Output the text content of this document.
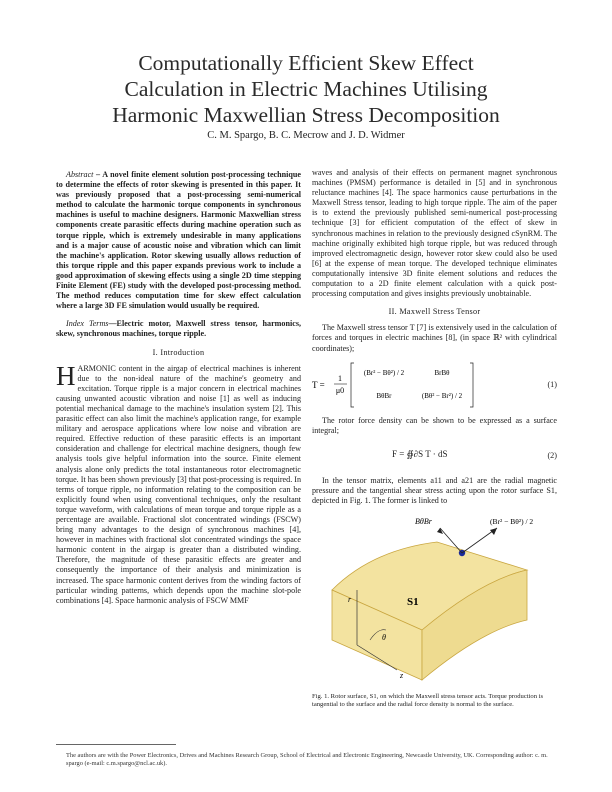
Computationally Efficient Skew Effect
Calculation in Electric Machines Utilising
Harmonic Maxwellian Stress Decomposition
C. M. Spargo, B. C. Mecrow and J. D. Widmer
Abstract – A novel finite element solution post-processing technique to determine the effects of rotor skewing is presented in this paper. It was previously proposed that a post-processing semi-numerical method to calculate the harmonic torque components in synchronous machines is useful to machine designers. Harmonic Maxwellian stress components create parasitic effects during machine operation such as torque ripple, which is extremely undesirable in many applications and is a major cause of acoustic noise and vibration which can limit the machine's application. Rotor skewing usually allows reduction of this torque ripple and this paper expands previous work to include a good approximation of skewing effects using a single 2D time stepping Finite Element (FE) study with the developed post-processing method. The method reduces computation time for skew effect calculation where a large 3D FE simulation would usually be required.
Index Terms—Electric motor, Maxwell stress tensor, harmonics, skew, synchronous machines, torque ripple.
I. Introduction
H ARMONIC content in the airgap of electrical machines is inherent due to the non-ideal nature of the machine's geometry and excitation. Torque ripple is a major concern in electrical machines causing unwanted acoustic vibration and noise [1] as well as inducing potential mechanical damage to the machine's insulation system [2]. This parasitic effect can also limit the machine's application range, for example military and aerospace applications where low noise and vibration are required. Effective reduction of these parasitic effects is an important consideration and challenge for electrical machine designers, though few analysis tools give helpful information into the source. Finite element analysis alone only predicts the total instantaneous rotor electromagnetic torque. It has been shown previously [3] that post-processing is required. In terms of torque ripple, no information relating to the composition can be explicitly found when using conventional techniques, only the resultant torque waveform, with calculations of mean torque and torque ripple as a percentage are available. Fractional slot concentrated windings (FSCW) bring many advantages to the design of synchronous machines [4], however in machines with fractional slot concentrated windings the space harmonic content in the airgap is greater than a distributed winding. Therefore, the magnitude of these parasitic effects are greater and consequently the importance of their analysis and minimization is increased. The space harmonic content derives from the winding factors of particular winding patterns, which depends upon the machine slot-pole combinations [4]. Space harmonic analysis of FSCW MMF

waves and analysis of their effects on permanent magnet synchronous machines (PMSM) performance is detailed in [5] and in synchronous reluctance machines [4]. The space harmonics cause perturbations in the Maxwell Stress tensor, leading to high torque ripple. The aim of the paper is to extend the previously published semi-numerical post-processing technique [3] for efficient computation of the effect of skew in synchronous machines in relation to the previously designed cSynRM. The machine originally exhibited high torque ripple, but was reduced through improved electromagnetic design, however rotor skew could also be used [6] at the expense of mean torque. The developed technique eliminates computationally intensive 3D finite element solutions and reduces the computation to a 2D finite element calculation with a quick post-processing computation and gives insights previously unobtainable.

II. Maxwell Stress Tensor

The Maxwell stress tensor T [7] is extensively used in the calculation of forces and torques in electric machines [8], (in space ℝ² with cylindrical coordinates);

T =
1
μ0
(Br² − Bθ²) / 2	BrBθ
BθBr	(Bθ² − Br²) / 2
(1)

The rotor force density can be shown to be expressed as a surface integral;

F = ∯∂S T · dS	(2)

In the tensor matrix, elements a11 and a21 are the radial magnetic pressure and the tangential shear stress acting upon the rotor surface S1, depicted in Fig. 1. The former is linked to

BθBr	(Br² − Bθ²) / 2
S1
r
θ
z
Fig. 1. Rotor surface, S1, on which the Maxwell stress tensor acts. Torque production is tangential to the surface and the radial force density is normal to the surface.
The authors are with the Power Electronics, Drives and Machines Research Group, School of Electrical and Electronic Engineering, Newcastle University, UK. Corresponding author: c. m. spargo (e-mail: c.m.spargo@ncl.ac.uk).
